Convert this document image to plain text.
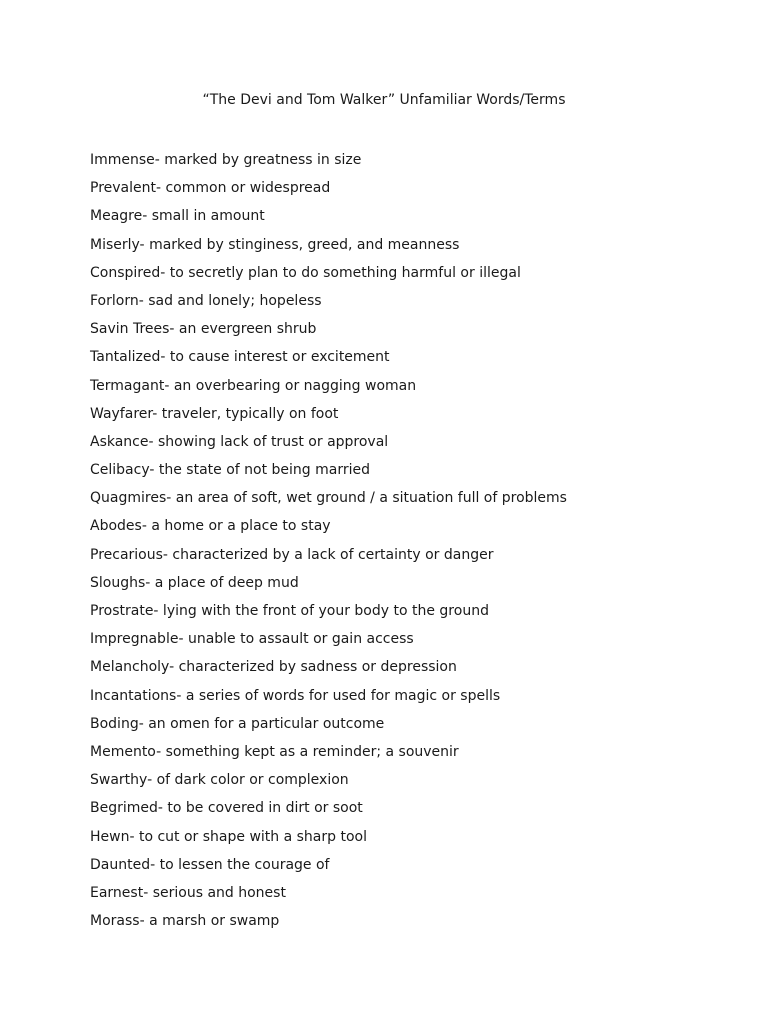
“The Devi and Tom Walker” Unfamiliar Words/Terms
Immense- marked by greatness in size
Prevalent- common or widespread
Meagre- small in amount
Miserly- marked by stinginess, greed, and meanness
Conspired- to secretly plan to do something harmful or illegal
Forlorn- sad and lonely; hopeless
Savin Trees- an evergreen shrub
Tantalized- to cause interest or excitement
Termagant- an overbearing or nagging woman
Wayfarer- traveler, typically on foot
Askance- showing lack of trust or approval
Celibacy- the state of not being married
Quagmires- an area of soft, wet ground / a situation full of problems
Abodes- a home or a place to stay
Precarious- characterized by a lack of certainty or danger
Sloughs- a place of deep mud
Prostrate- lying with the front of your body to the ground
Impregnable- unable to assault or gain access
Melancholy- characterized by sadness or depression
Incantations- a series of words for used for magic or spells
Boding- an omen for a particular outcome
Memento- something kept as a reminder; a souvenir
Swarthy- of dark color or complexion
Begrimed- to be covered in dirt or soot
Hewn- to cut or shape with a sharp tool
Daunted- to lessen the courage of
Earnest- serious and honest
Morass- a marsh or swamp
